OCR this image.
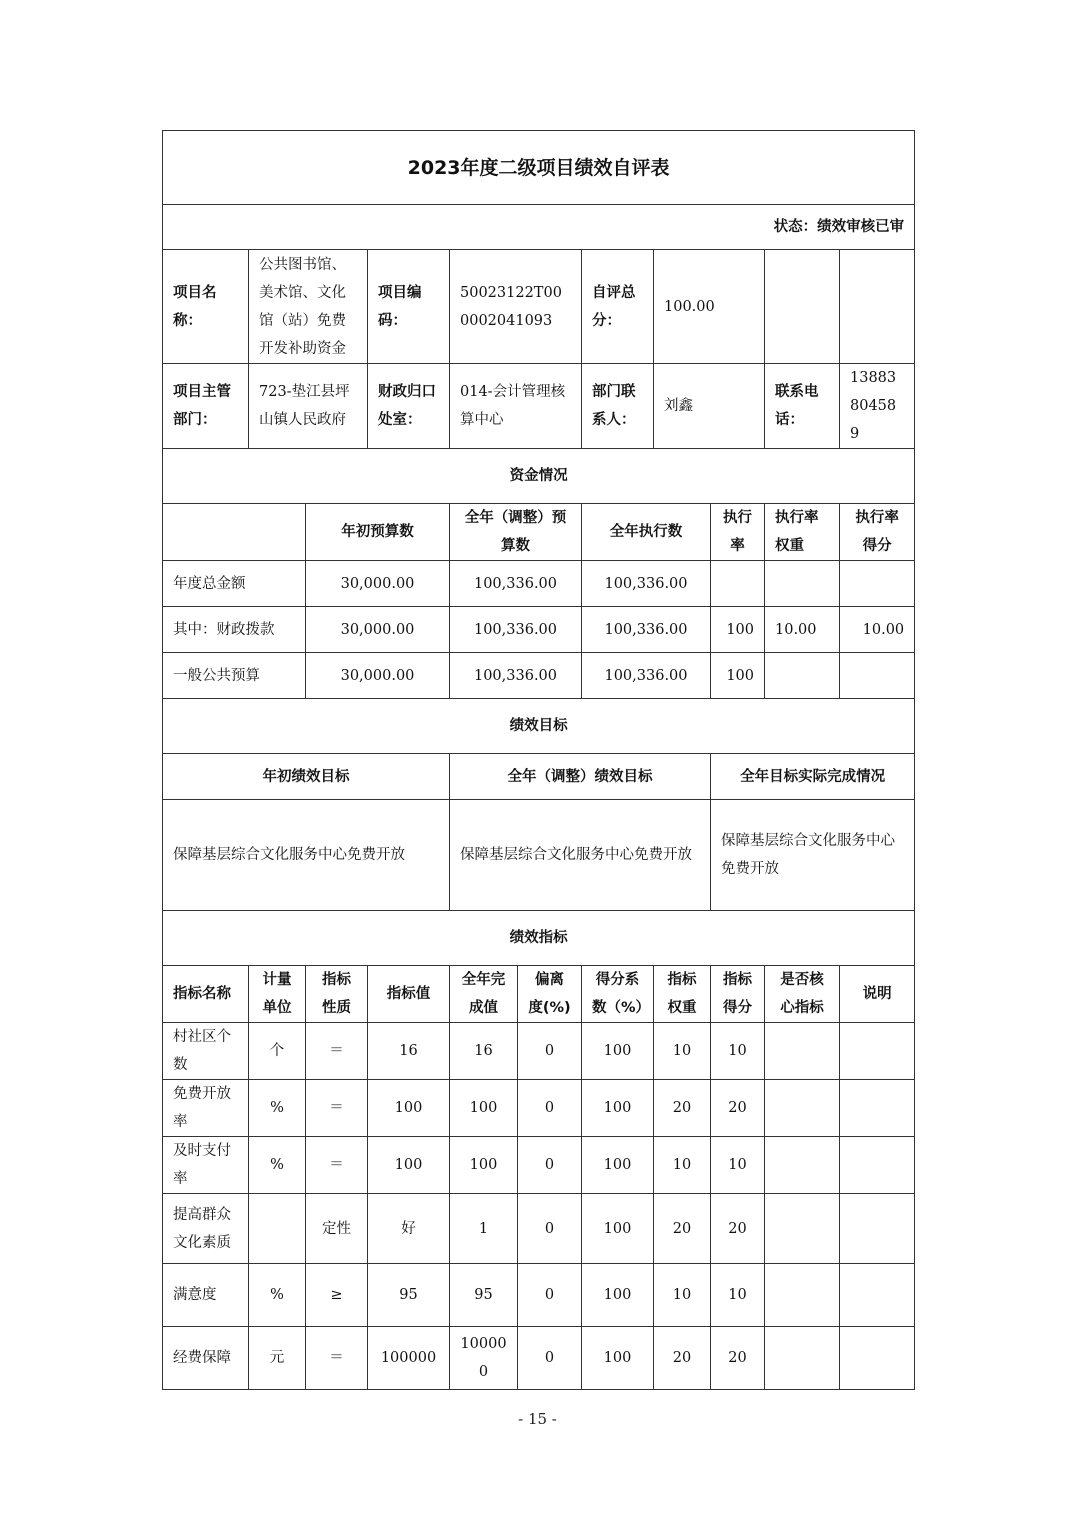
2023年度二级项目绩效自评表										
状态：绩效审核已审										
项目名称：	公共图书馆、美术馆、文化馆（站）免费开发补助资金		项目编码：	50023122T000002041093		自评总分：	100.00			
项目主管部门：	723-垫江县坪山镇人民政府		财政归口处室：	014-会计管理核算中心		部门联系人：	刘鑫		联系电话：	13883804589
资金情况										
		年初预算数		全年（调整）预算数		全年执行数		执行率	执行率权重	执行率得分
年度总金额		30,000.00		100,336.00		100,336.00				
其中：财政拨款		30,000.00		100,336.00		100,336.00		100	10.00	10.00
一般公共预算		30,000.00		100,336.00		100,336.00		100		
绩效目标										
年初绩效目标				全年（调整）绩效目标				全年目标实际完成情况		
保障基层综合文化服务中心免费开放				保障基层综合文化服务中心免费开放				保障基层综合文化服务中心免费开放		
绩效指标										
指标名称	计量单位	指标性质	指标值	全年完成值	偏离度(%)	得分系数（%）	指标权重	指标得分	是否核心指标	说明
村社区个数	个	＝	16	16	0	100	10	10		
免费开放率	%	＝	100	100	0	100	20	20		
及时支付率	%	＝	100	100	0	100	10	10		
提高群众文化素质		定性	好	1	0	100	20	20		
满意度	%	≥	95	95	0	100	10	10		
经费保障	元	＝	100000	100000	0	100	20	20		
- 15 -
